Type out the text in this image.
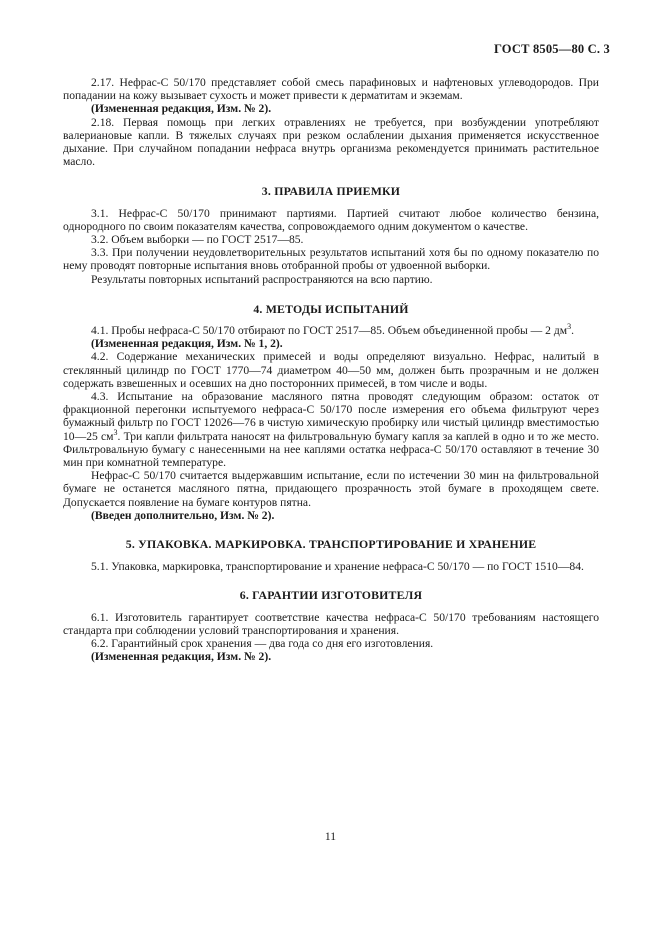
ГОСТ 8505—80 С. 3

2.17. Нефрас-С 50/170 представляет собой смесь парафиновых и нафтеновых углеводородов. При попадании на кожу вызывает сухость и может привести к дерматитам и экземам.

(Измененная редакция, Изм. № 2).

2.18. Первая помощь при легких отравлениях не требуется, при возбуждении употребляют валериановые капли. В тяжелых случаях при резком ослаблении дыхания применяется искусственное дыхание. При случайном попадании нефраса внутрь организма рекомендуется принимать растительное масло.

3. ПРАВИЛА ПРИЕМКИ

3.1. Нефрас-С 50/170 принимают партиями. Партией считают любое количество бензина, однородного по своим показателям качества, сопровождаемого одним документом о качестве.

3.2. Объем выборки — по ГОСТ 2517—85.

3.3. При получении неудовлетворительных результатов испытаний хотя бы по одному показателю по нему проводят повторные испытания вновь отобранной пробы от удвоенной выборки.

Результаты повторных испытаний распространяются на всю партию.

4. МЕТОДЫ ИСПЫТАНИЙ

4.1. Пробы нефраса-С 50/170 отбирают по ГОСТ 2517—85. Объем объединенной пробы — 2 $дм^3$.

(Измененная редакция, Изм. № 1, 2).

4.2. Содержание механических примесей и воды определяют визуально. Нефрас, налитый в стеклянный цилиндр по ГОСТ 1770—74 диаметром 40—50 мм, должен быть прозрачным и не должен содержать взвешенных и осевших на дно посторонних примесей, в том числе и воды.

4.3. Испытание на образование масляного пятна проводят следующим образом: остаток от фракционной перегонки испытуемого нефраса-С 50/170 после измерения его объема фильтруют через бумажный фильтр по ГОСТ 12026—76 в чистую химическую пробирку или чистый цилиндр вместимостью 10—25 $см^3$. Три капли фильтрата наносят на фильтровальную бумагу капля за каплей в одно и то же место. Фильтровальную бумагу с нанесенными на нее каплями остатка нефраса-С 50/170 оставляют в течение 30 мин при комнатной температуре.

Нефрас-С 50/170 считается выдержавшим испытание, если по истечении 30 мин на фильтровальной бумаге не останется масляного пятна, придающего прозрачность этой бумаге в проходящем свете. Допускается появление на бумаге контуров пятна.

(Введен дополнительно, Изм. № 2).

5. УПАКОВКА. МАРКИРОВКА. ТРАНСПОРТИРОВАНИЕ И ХРАНЕНИЕ

5.1. Упаковка, маркировка, транспортирование и хранение нефраса-С 50/170 — по ГОСТ 1510—84.

6. ГАРАНТИИ ИЗГОТОВИТЕЛЯ

6.1. Изготовитель гарантирует соответствие качества нефраса-С 50/170 требованиям настоящего стандарта при соблюдении условий транспортирования и хранения.

6.2. Гарантийный срок хранения — два года со дня его изготовления.

(Измененная редакция, Изм. № 2).

11
